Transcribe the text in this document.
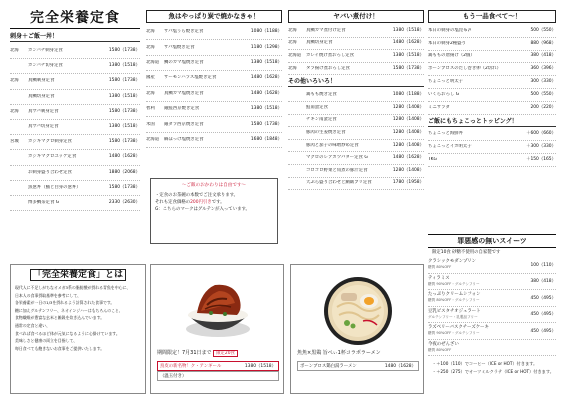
完全栄養定食
刺身＋ご飯一丼！
北海	カンパチ刺身定食	1580（1738）
カンパチ切身定食	1380（1518）
北海	真鯛刺身定食	1580（1738）
真鯛切身定食	1380（1518）
北海	真サバ刺身定食	1580（1738）
真サバ切身定食	1380（1518）
宮城	カジキマグロ刺身定食	1580（1738）
カジキマグロユッケ定食	1480（1628）
お刺身盛り合わせ定食	1880（2068）
魚葱丼（鮪と白身の葱丼）	1580（1738）
博多鯛茶定食 G	2330（2630）
魚はやっぱり炭で焼かなきゃ！
北海	サバ塩うら焼き定食	1080（1188）
北海	サバ塩焼き定食	1180（1298）
北海道	鯛のカマ塩焼き定食	1380（1518）
國産	サーモンハラス塩焼き定食	1480（1628）
北海	真鯛カマ塩焼き定食	1480（1628）
智利	銀鮭西京焼き定食	1380（1518）
米国	銀ダラ西京焼き定食	1580（1738）
北海道	縞ほっけ塩焼き定食	1680（1848）
～ご飯のおかわりは自由です～
・定食のお茶碗の本数でご注文承ります。
それも定食価格の200円引きです。
G：こちらのマークはグルテンが入っています。
ヤバい煮付け！
北海	真鯛カマ煮付け定食	1380（1518）
北海	真鯛切身定食	1480（1628）
北海道	カレイ焼け煮おろし定食	1380（1518）
北海	タラ揚け煮おろし定食	1580（1738）
その他いろいろ！
鶏もも焼き定食	1080（1188）
鮭南蛮定食	1280（1408）
チキン南蛮定食	1280（1408）
豚肉の生姜焼き定食	1280（1408）
豚肉と茄子の味噌炒め定食	1280（1408）
マグロのレアカツバター定食 G	1480（1628）
ゴロゴロ野菜と角煮の豚汁定食	1280（1408）
天ぷら盛り合わせと鯖飯ブリ定食	1780（1958）
もう一品食べて～！
本日の刺身の塩昆布〆	500（550）
本日の刺身2種盛り	880（968）
鶏ももの唐揚げ（2個）	380（418）
ボーンブロスのだし巻き卵（2切れ）	360（396）
ちょこっと明太子	300（330）
いくらおろし G	500（550）
ミニサラダ	200（220）
ご飯にもちょこっとトッピング！
ちょこっと海鮮丼	＋600（660）
ちょこっとイカ明太子	＋300（330）
TKG	＋150（165）
罪悪感の無いスイーツ
限定10食 砂糖不使用の自家製です
クラシックモダンプリン
糖質 80%OFF	100（110）
ティラミス
糖質 90%OFF・グルテンフリー	380（418）
たっぷりクリームシフォン
糖質 80%OFF・グルテンフリー	450（495）
豆乳ピスタチオジェラート
グルテンフリー・乳製品フリー	450（495）
ラズベリーバスクチーズケーキ
糖質 90%OFF・グルテンフリー	450（495）
今夜のぜんざい
糖質 80%OFF
・＋100（110）でコーヒー（ICE or HOT）付きます。
・＋250（275）でオーツミルクラテ（ICE or HOT）付きます。
「完全栄養定食」とは
現代人に不足しがちなオメガ3系の脂肪酸が摂れる青魚を中心に、
日本人の食事摂取基準を参考にして、
各栄養素が一日の1/3を摂れるよう計算された食事です。
糖に加えグルテンフリー、ネオインジハーはもちろんのこと、
食物繊維が豊富な玄米と雑穀を炊き込んでいます。
通常の定食と違い、
食べれば食べるほど体が元気になるように心掛けています。
美味しさと健康の両立を目指して、
毎日食べても飽きないお食事をご提供いたします。
期間限定！7月31日まで 限定20食
鳥皮の新名物！ク・アンギール	1380（1518）
（温玉付き）
魚魚×黒鶏 旨ぺぃ1杯コラボラーメン
ボーンブロス鶏白湯ラーメン	1480（1628）
